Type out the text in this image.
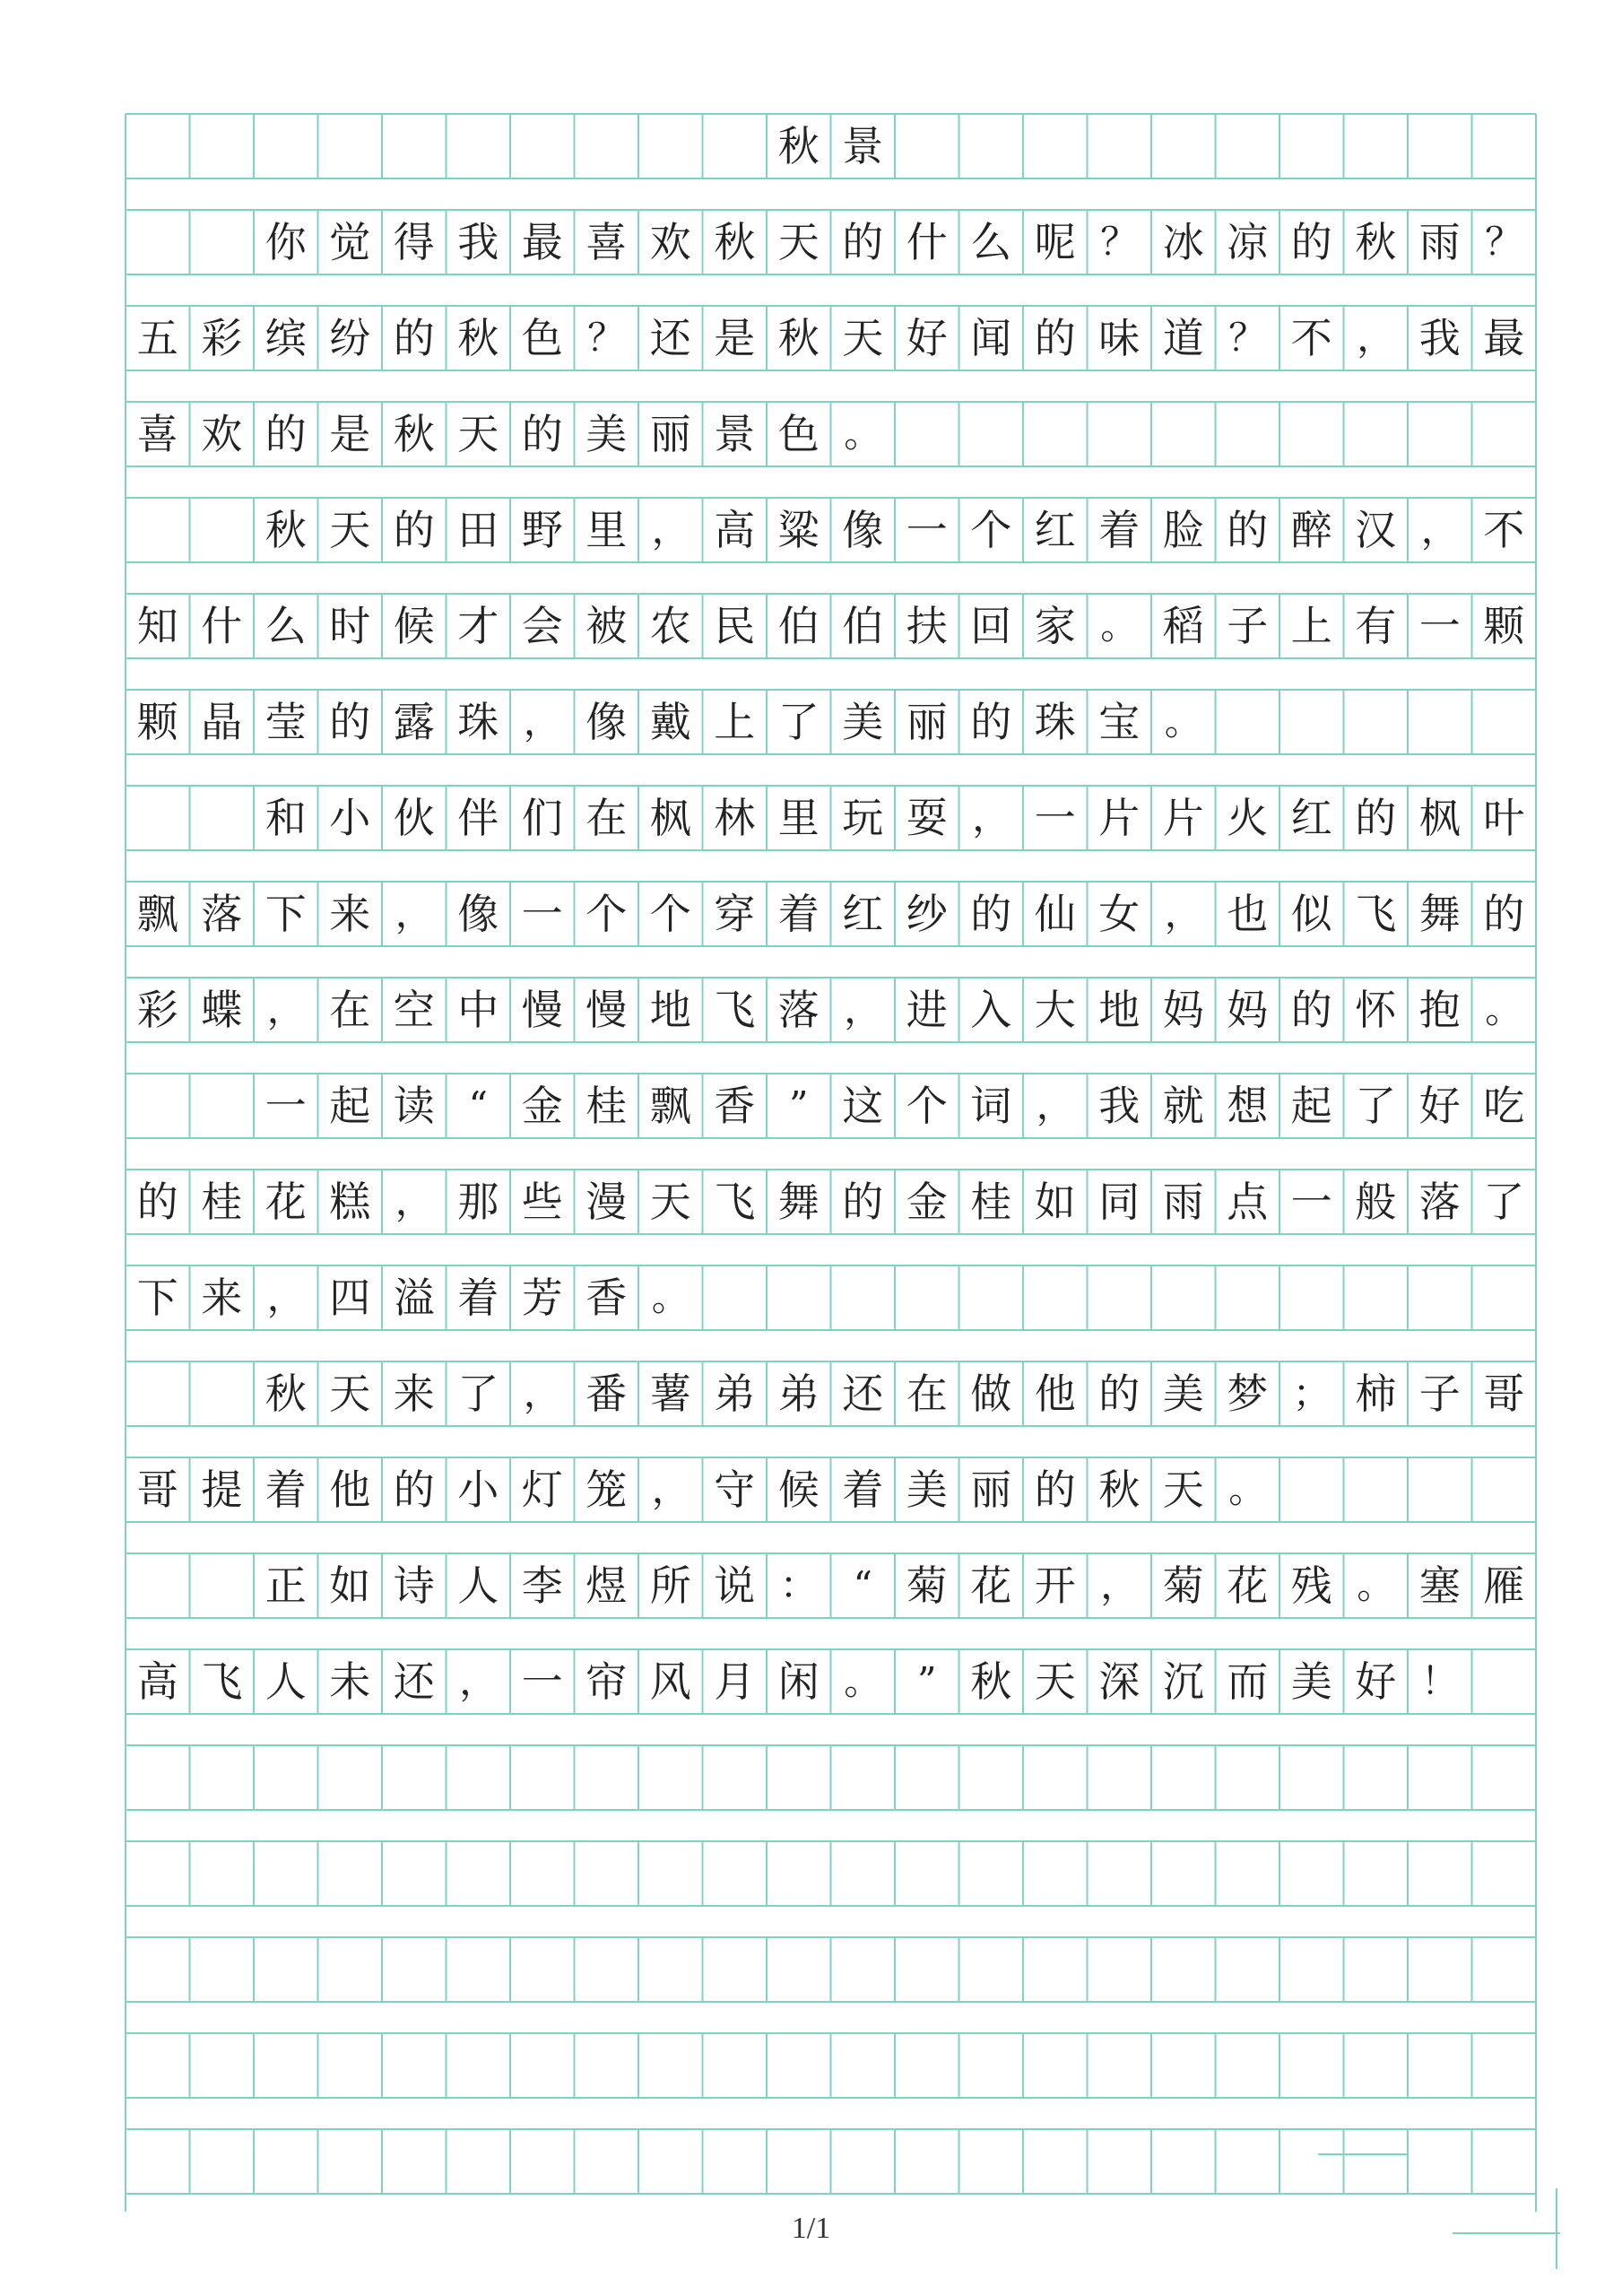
秋 景
你 觉 得 我 最 喜 欢 秋 天 的 什 么 呢 ？ 冰 凉 的 秋 雨 ？
五 彩 缤 纷 的 秋 色 ？ 还 是 秋 天 好 闻 的 味 道 ？ 不 ， 我 最
喜 欢 的 是 秋 天 的 美 丽 景 色 。
秋 天 的 田 野 里 ， 高 粱 像 一 个 红 着 脸 的 醉 汉 ， 不
知 什 么 时 候 才 会 被 农 民 伯 伯 扶 回 家 。 稻 子 上 有 一 颗
颗 晶 莹 的 露 珠 ， 像 戴 上 了 美 丽 的 珠 宝 。
和 小 伙 伴 们 在 枫 林 里 玩 耍 ， 一 片 片 火 红 的 枫 叶
飘 落 下 来 ， 像 一 个 个 穿 着 红 纱 的 仙 女 ， 也 似 飞 舞 的
彩 蝶 ， 在 空 中 慢 慢 地 飞 落 ， 进 入 大 地 妈 妈 的 怀 抱 。
一 起 读 “ 金 桂 飘 香 ” 这 个 词 ， 我 就 想 起 了 好 吃
的 桂 花 糕 ， 那 些 漫 天 飞 舞 的 金 桂 如 同 雨 点 一 般 落 了
下 来 ， 四 溢 着 芳 香 。
秋 天 来 了 ， 番 薯 弟 弟 还 在 做 他 的 美 梦 ； 柿 子 哥
哥 提 着 他 的 小 灯 笼 ， 守 候 着 美 丽 的 秋 天 。
正 如 诗 人 李 煜 所 说 ： “ 菊 花 开 ， 菊 花 残 。 塞 雁
高 飞 人 未 还 ， 一 帘 风 月 闲 。 ” 秋 天 深 沉 而 美 好 ！
1/1
